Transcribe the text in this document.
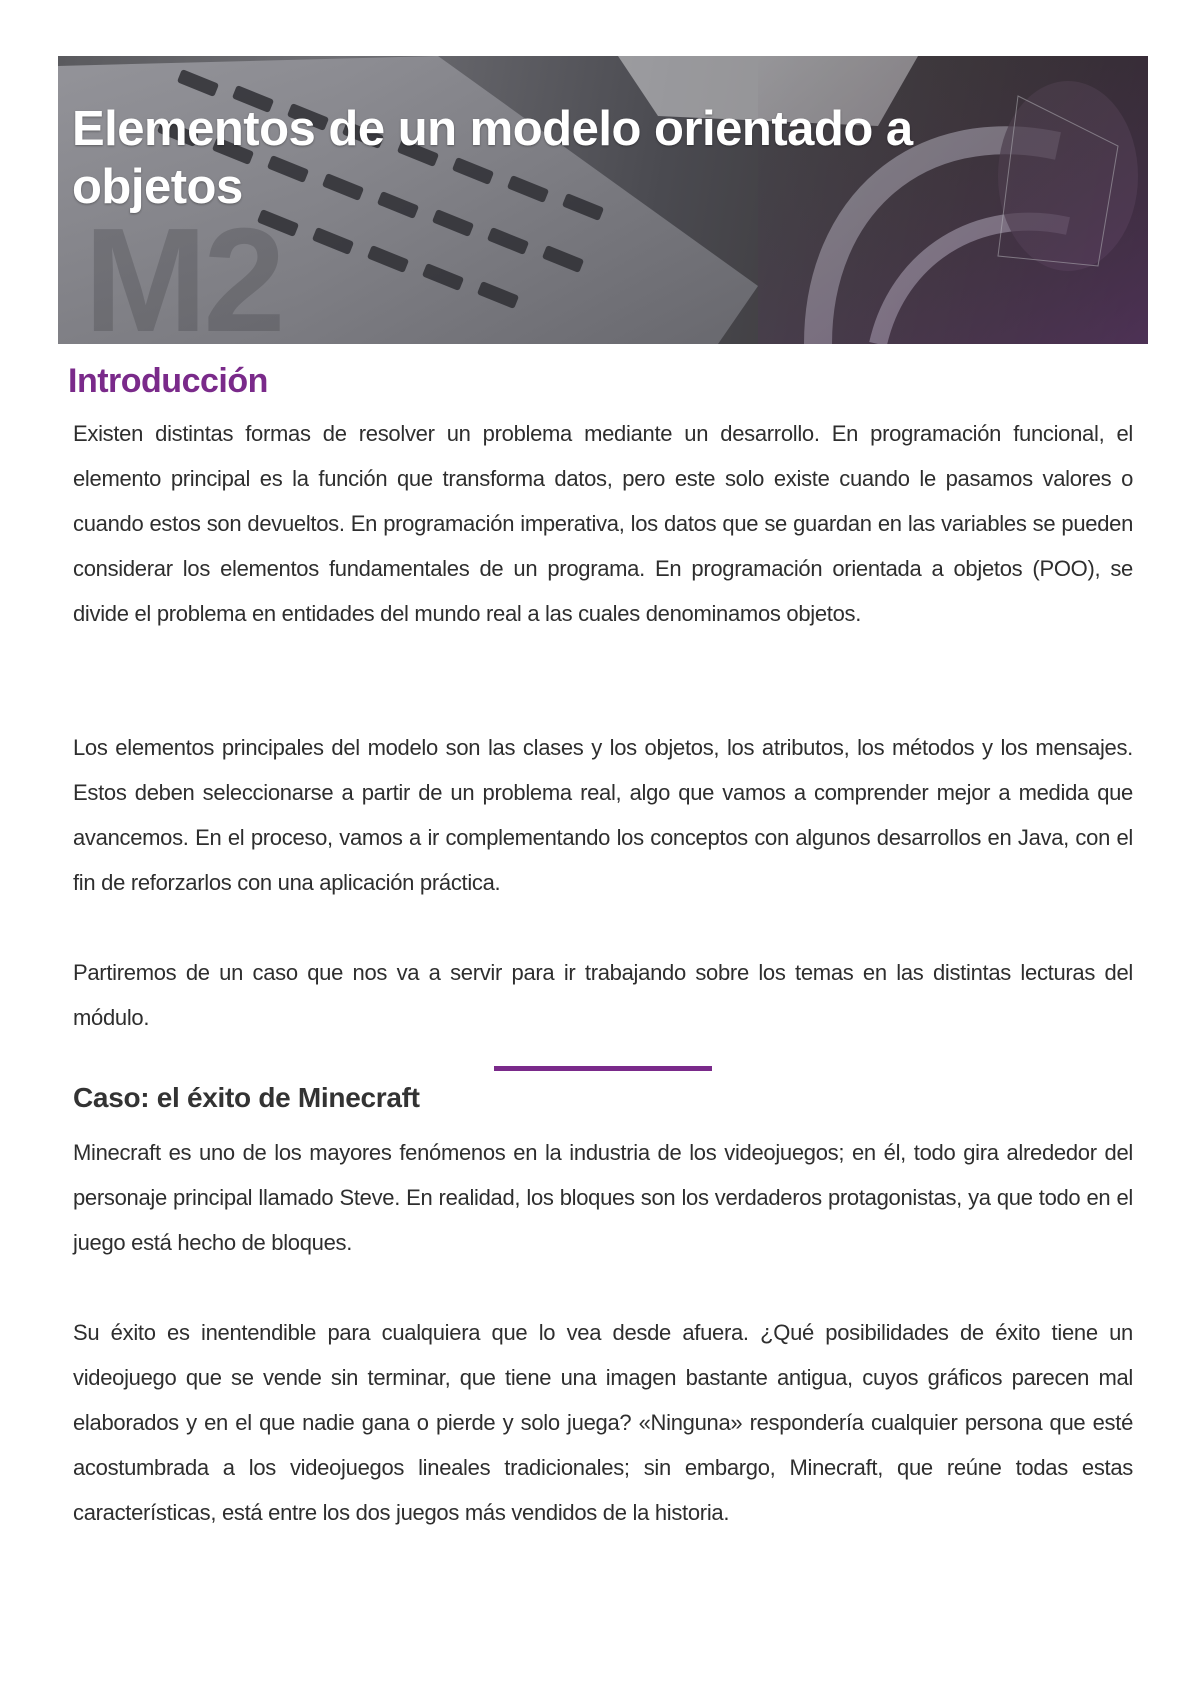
M2
Elementos de un modelo orientado a objetos
Introducción

Existen distintas formas de resolver un problema mediante un desarrollo. En programación funcional, el elemento principal es la función que transforma datos, pero este solo existe cuando le pasamos valores o cuando estos son devueltos. En programación imperativa, los datos que se guardan en las variables se pueden considerar los elementos fundamentales de un programa. En programación orientada a objetos (POO), se divide el problema en entidades del mundo real a las cuales denominamos objetos.

Los elementos principales del modelo son las clases y los objetos, los atributos, los métodos y los mensajes. Estos deben seleccionarse a partir de un problema real, algo que vamos a comprender mejor a medida que avancemos. En el proceso, vamos a ir complementando los conceptos con algunos desarrollos en Java, con el fin de reforzarlos con una aplicación práctica.

Partiremos de un caso que nos va a servir para ir trabajando sobre los temas en las distintas lecturas del módulo.

Caso: el éxito de Minecraft

Minecraft es uno de los mayores fenómenos en la industria de los videojuegos; en él, todo gira alrededor del personaje principal llamado Steve. En realidad, los bloques son los verdaderos protagonistas, ya que todo en el juego está hecho de bloques.

Su éxito es inentendible para cualquiera que lo vea desde afuera. ¿Qué posibilidades de éxito tiene un videojuego que se vende sin terminar, que tiene una imagen bastante antigua, cuyos gráficos parecen mal elaborados y en el que nadie gana o pierde y solo juega? «Ninguna» respondería cualquier persona que esté acostumbrada a los videojuegos lineales tradicionales; sin embargo, Minecraft, que reúne todas estas características, está entre los dos juegos más vendidos de la historia.
